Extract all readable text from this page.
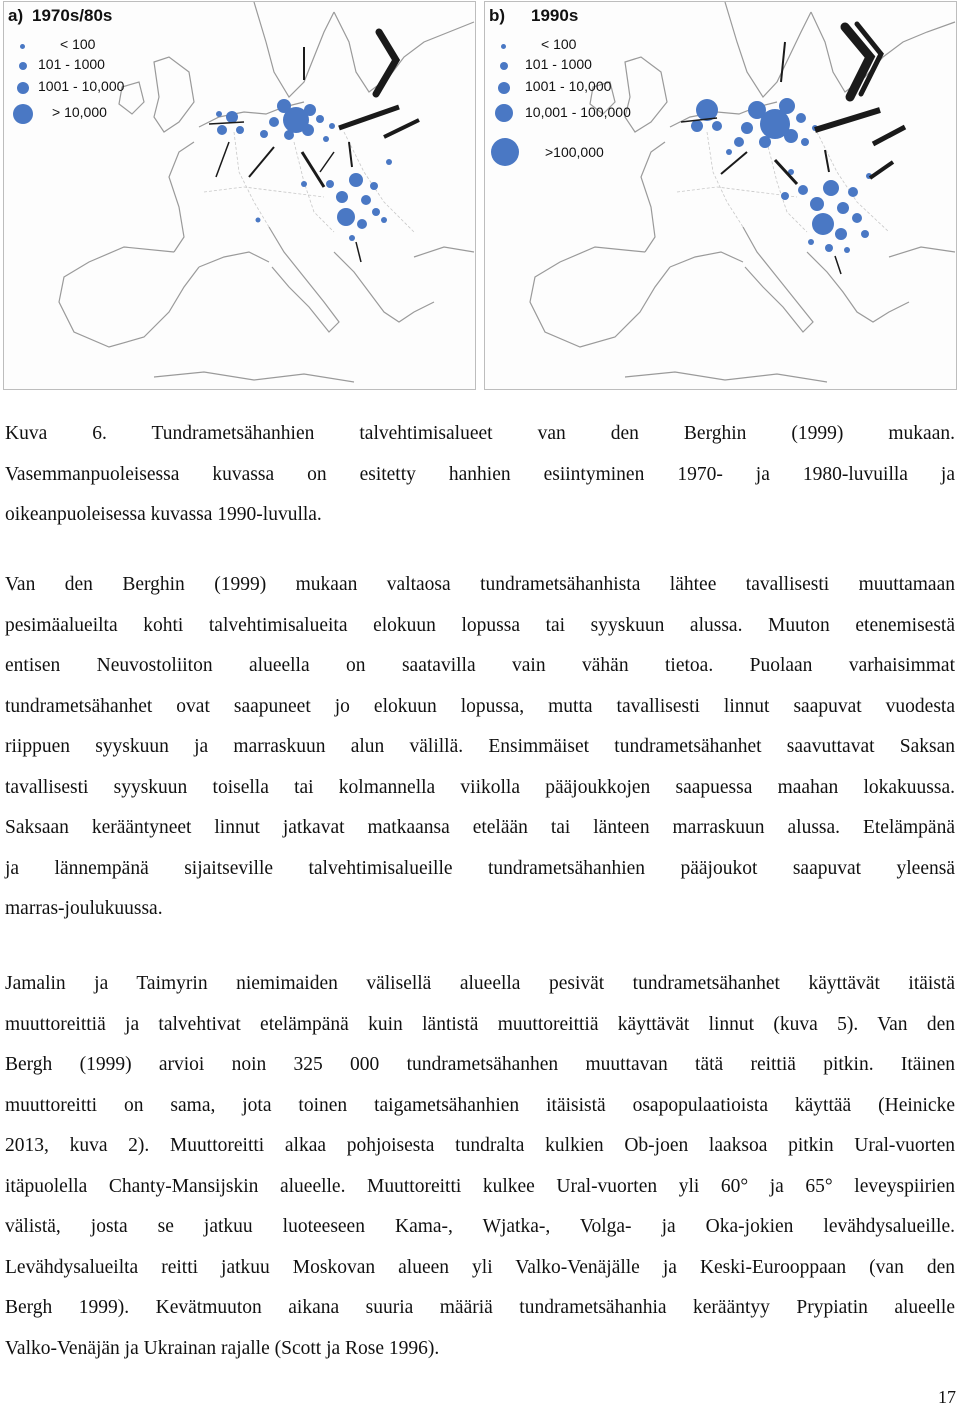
a) 1970s/80s
< 100
101 - 1000
1001 - 10,000
> 10,000
b) 1990s
< 100
101 - 1000
1001 - 10,000
10,001 - 100,000
>100,000
Kuva 6. Tundrametsähanhien talvehtimisalueet van den Berghin (1999) mukaan.
Vasemmanpuoleisessa kuvassa on esitetty hanhien esiintyminen 1970- ja 1980-luvuilla ja
oikeanpuoleisessa kuvassa 1990-luvulla.
Van den Berghin (1999) mukaan valtaosa tundrametsähanhista lähtee tavallisesti muuttamaan
pesimäalueilta kohti talvehtimisalueita elokuun lopussa tai syyskuun alussa. Muuton etenemisestä
entisen Neuvostoliiton alueella on saatavilla vain vähän tietoa. Puolaan varhaisimmat
tundrametsähanhet ovat saapuneet jo elokuun lopussa, mutta tavallisesti linnut saapuvat vuodesta
riippuen syyskuun ja marraskuun alun välillä. Ensimmäiset tundrametsähanhet saavuttavat Saksan
tavallisesti syyskuun toisella tai kolmannella viikolla pääjoukkojen saapuessa maahan lokakuussa.
Saksaan kerääntyneet linnut jatkavat matkaansa etelään tai länteen marraskuun alussa. Etelämpänä
ja lännempänä sijaitseville talvehtimisalueille tundrametsähanhien pääjoukot saapuvat yleensä
marras-joulukuussa.
Jamalin ja Taimyrin niemimaiden välisellä alueella pesivät tundrametsähanhet käyttävät itäistä
muuttoreittiä ja talvehtivat etelämpänä kuin läntistä muuttoreittiä käyttävät linnut (kuva 5). Van den
Bergh (1999) arvioi noin 325 000 tundrametsähanhen muuttavan tätä reittiä pitkin. Itäinen
muuttoreitti on sama, jota toinen taigametsähanhien itäisistä osapopulaatioista käyttää (Heinicke
2013, kuva 2). Muuttoreitti alkaa pohjoisesta tundralta kulkien Ob-joen laaksoa pitkin Ural-vuorten
itäpuolella Chanty-Mansijskin alueelle. Muuttoreitti kulkee Ural-vuorten yli 60° ja 65° leveyspiirien
välistä, josta se jatkuu luoteeseen Kama-, Wjatka-, Volga- ja Oka-jokien levähdysalueille.
Levähdysalueilta reitti jatkuu Moskovan alueen yli Valko-Venäjälle ja Keski-Eurooppaan (van den
Bergh 1999). Kevätmuuton aikana suuria määriä tundrametsähanhia kerääntyy Prypiatin alueelle
Valko-Venäjän ja Ukrainan rajalle (Scott ja Rose 1996).
17
